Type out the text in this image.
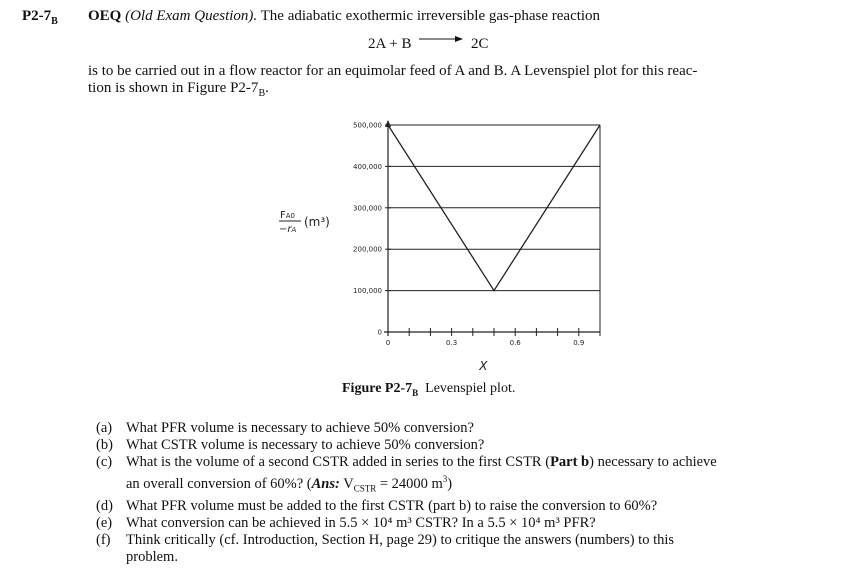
$P2-7_B$ OEQ (Old Exam Question). The adiabatic exothermic irreversible gas-phase reaction
2A + B → 2C
is to be carried out in a flow reactor for an equimolar feed of A and B. A Levenspiel plot for this reac-
tion is shown in Figure $P2-7_B$.
0
100,000
200,000
300,000
400,000
500,000
0	0.3	0.6	0.9
X
FA0
−rA
(m³)
Figure $P2-7_B$ Levenspiel plot.
(a) What PFR volume is necessary to achieve 50% conversion?
(b) What CSTR volume is necessary to achieve 50% conversion?
(c) What is the volume of a second CSTR added in series to the first CSTR (Part b) necessary to achieve
an overall conversion of 60%? (Ans: $V_{CSTR} = 24000$ $m^3$)
(d) What PFR volume must be added to the first CSTR (part b) to raise the conversion to 60%?
(e) What conversion can be achieved in 5.5 × 10⁴ m³ CSTR? In a 5.5 × 10⁴ m³ PFR?
(f)	Think critically (cf. Introduction, Section H, page 29) to critique the answers (numbers) to this
problem.
